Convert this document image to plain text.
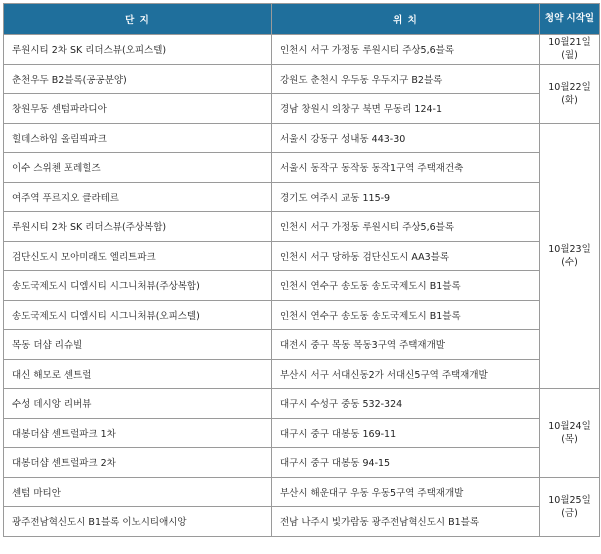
단 지	위 치	청약 시작일
루원시티 2차 SK 리더스뷰(오피스텔)	인천시 서구 가정동 루원시티 주상5,6블록	10월21일
(월)
춘천우두 B2블록(공공분양)	강원도 춘천시 우두동 우두지구 B2블록	10월22일
(화)
창원무동 센텀파라디아	경남 창원시 의창구 북면 무동리 124-1	
힐데스하임 올림픽파크	서울시 강동구 성내동 443-30	10월23일
(수)
이수 스위첸 포레힐즈	서울시 동작구 동작동 동작1구역 주택재건축	
여주역 푸르지오 클라테르	경기도 여주시 교동 115-9	
루원시티 2차 SK 리더스뷰(주상복합)	인천시 서구 가정동 루원시티 주상5,6블록	
검단신도시 모아미래도 엘리트파크	인천시 서구 당하동 검단신도시 AA3블록	
송도국제도시 디엠시티 시그니처뷰(주상복합)	인천시 연수구 송도동 송도국제도시 B1블록	
송도국제도시 디엠시티 시그니처뷰(오피스텔)	인천시 연수구 송도동 송도국제도시 B1블록	
목동 더샵 리슈빌	대전시 중구 목동 목동3구역 주택재개발	
대신 해모로 센트럴	부산시 서구 서대신동2가 서대신5구역 주택재개발	
수성 데시앙 리버뷰	대구시 수성구 중동 532-324	10월24일
(목)
대봉더샵 센트럴파크 1차	대구시 중구 대봉동 169-11	
대봉더샵 센트럴파크 2차	대구시 중구 대봉동 94-15	
센텀 마티안	부산시 해운대구 우동 우동5구역 주택재개발	10월25일
(금)
광주전남혁신도시 B1블록 이노시티애시앙	전남 나주시 빛가람동 광주전남혁신도시 B1블록	
